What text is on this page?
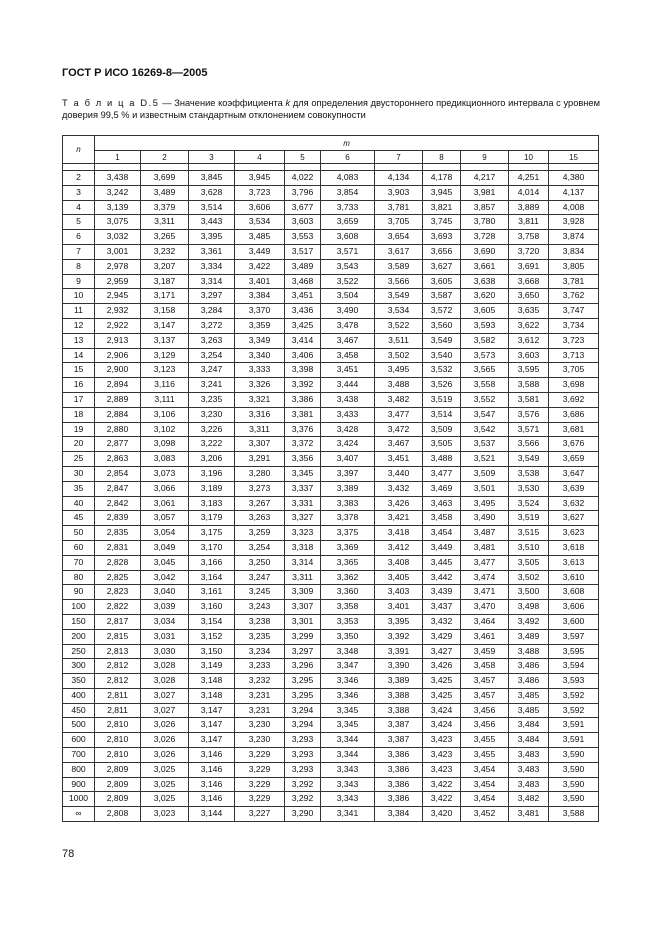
ГОСТ Р ИСО 16269-8—2005
Т а б л и ц а D.5 — Значение коэффициента k для определения двустороннего предикционного интервала с уровнем доверия 99,5 % и известным стандартным отклонением совокупности
n	m										
	1	2	3	4	5	6	7	8	9	10	15

2	3,438	3,699	3,845	3,945	4,022	4,083	4,134	4,178	4,217	4,251	4,380
3	3,242	3,489	3,628	3,723	3,796	3,854	3,903	3,945	3,981	4,014	4,137
4	3,139	3,379	3,514	3,606	3,677	3,733	3,781	3,821	3,857	3,889	4,008
5	3,075	3,311	3,443	3,534	3,603	3,659	3,705	3,745	3,780	3,811	3,928
6	3,032	3,265	3,395	3,485	3,553	3,608	3,654	3,693	3,728	3,758	3,874
7	3,001	3,232	3,361	3,449	3,517	3,571	3,617	3,656	3,690	3,720	3,834
8	2,978	3,207	3,334	3,422	3,489	3,543	3,589	3,627	3,661	3,691	3,805
9	2,959	3,187	3,314	3,401	3,468	3,522	3,566	3,605	3,638	3,668	3,781
10	2,945	3,171	3,297	3,384	3,451	3,504	3,549	3,587	3,620	3,650	3,762
11	2,932	3,158	3,284	3,370	3,436	3,490	3,534	3,572	3,605	3,635	3,747
12	2,922	3,147	3,272	3,359	3,425	3,478	3,522	3,560	3,593	3,622	3,734
13	2,913	3,137	3,263	3,349	3,414	3,467	3,511	3,549	3,582	3,612	3,723
14	2,906	3,129	3,254	3,340	3,406	3,458	3,502	3,540	3,573	3,603	3,713
15	2,900	3,123	3,247	3,333	3,398	3,451	3,495	3,532	3,565	3,595	3,705
16	2,894	3,116	3,241	3,326	3,392	3,444	3,488	3,526	3,558	3,588	3,698
17	2,889	3,111	3,235	3,321	3,386	3,438	3,482	3,519	3,552	3,581	3,692
18	2,884	3,106	3,230	3,316	3,381	3,433	3,477	3,514	3,547	3,576	3,686
19	2,880	3,102	3,226	3,311	3,376	3,428	3,472	3,509	3,542	3,571	3,681
20	2,877	3,098	3,222	3,307	3,372	3,424	3,467	3,505	3,537	3,566	3,676
25	2,863	3,083	3,206	3,291	3,356	3,407	3,451	3,488	3,521	3,549	3,659
30	2,854	3,073	3,196	3,280	3,345	3,397	3,440	3,477	3,509	3,538	3,647
35	2,847	3,066	3,189	3,273	3,337	3,389	3,432	3,469	3,501	3,530	3,639
40	2,842	3,061	3,183	3,267	3,331	3,383	3,426	3,463	3,495	3,524	3,632
45	2,839	3,057	3,179	3,263	3,327	3,378	3,421	3,458	3,490	3,519	3,627
50	2,835	3,054	3,175	3,259	3,323	3,375	3,418	3,454	3,487	3,515	3,623
60	2,831	3,049	3,170	3,254	3,318	3,369	3,412	3,449	3,481	3,510	3,618
70	2,828	3,045	3,166	3,250	3,314	3,365	3,408	3,445	3,477	3,505	3,613
80	2,825	3,042	3,164	3,247	3,311	3,362	3,405	3,442	3,474	3,502	3,610
90	2,823	3,040	3,161	3,245	3,309	3,360	3,403	3,439	3,471	3,500	3,608
100	2,822	3,039	3,160	3,243	3,307	3,358	3,401	3,437	3,470	3,498	3,606
150	2,817	3,034	3,154	3,238	3,301	3,353	3,395	3,432	3,464	3,492	3,600
200	2,815	3,031	3,152	3,235	3,299	3,350	3,392	3,429	3,461	3,489	3,597
250	2,813	3,030	3,150	3,234	3,297	3,348	3,391	3,427	3,459	3,488	3,595
300	2,812	3,028	3,149	3,233	3,296	3,347	3,390	3,426	3,458	3,486	3,594
350	2,812	3,028	3,148	3,232	3,295	3,346	3,389	3,425	3,457	3,486	3,593
400	2,811	3,027	3,148	3,231	3,295	3,346	3,388	3,425	3,457	3,485	3,592
450	2,811	3,027	3,147	3,231	3,294	3,345	3,388	3,424	3,456	3,485	3,592
500	2,810	3,026	3,147	3,230	3,294	3,345	3,387	3,424	3,456	3,484	3,591
600	2,810	3,026	3,147	3,230	3,293	3,344	3,387	3,423	3,455	3,484	3,591
700	2,810	3,026	3,146	3,229	3,293	3,344	3,386	3,423	3,455	3,483	3,590
800	2,809	3,025	3,146	3,229	3,293	3,343	3,386	3,423	3,454	3,483	3,590
900	2,809	3,025	3,146	3,229	3,292	3,343	3,386	3,422	3,454	3,483	3,590
1000	2,809	3,025	3,146	3,229	3,292	3,343	3,386	3,422	3,454	3,482	3,590
∞	2,808	3,023	3,144	3,227	3,290	3,341	3,384	3,420	3,452	3,481	3,588
78
